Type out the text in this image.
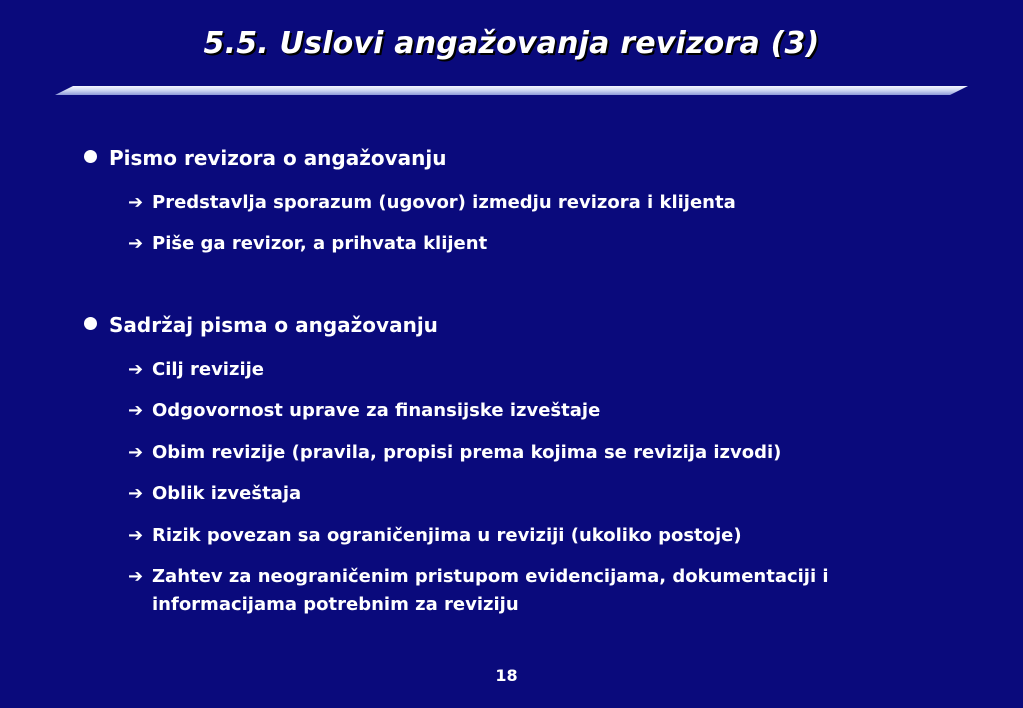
5.5. Uslovi angažovanja revizora (3)
Pismo revizora o angažovanju
➔ Predstavlja sporazum (ugovor) izmedju revizora i klijenta
➔ Piše ga revizor, a prihvata klijent
Sadržaj pisma o angažovanju
➔ Cilj revizije
➔ Odgovornost uprave za finansijske izveštaje
➔ Obim revizije (pravila, propisi prema kojima se revizija izvodi)
➔ Oblik izveštaja
➔ Rizik povezan sa ograničenjima u reviziji (ukoliko postoje)
➔ Zahtev za neograničenim pristupom evidencijama, dokumentaciji i informacijama potrebnim za reviziju
18
